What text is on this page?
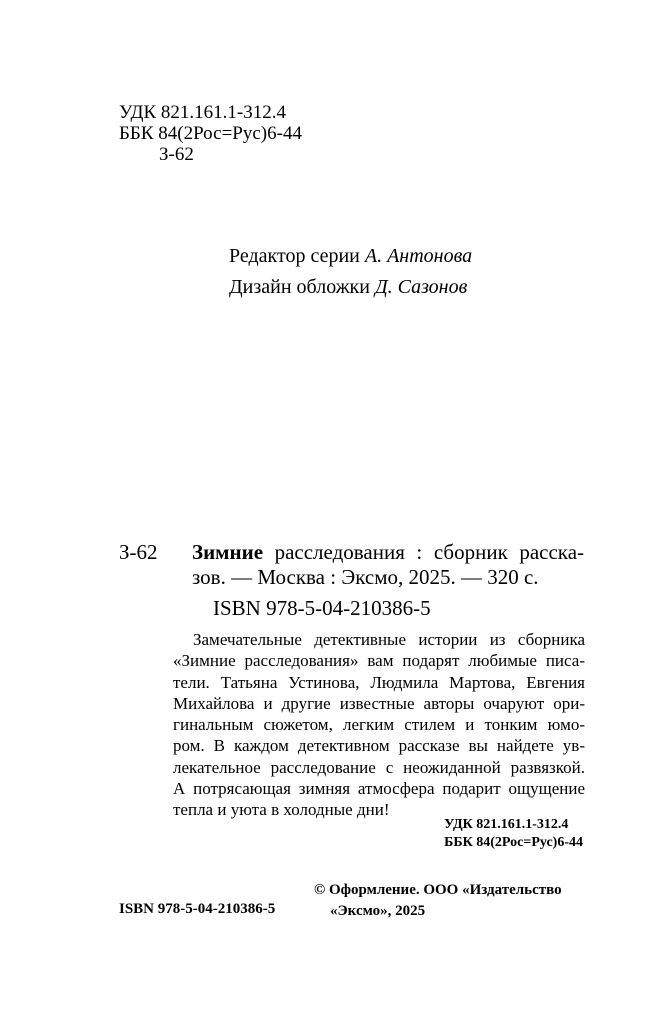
УДК 821.161.1-312.4
ББК 84(2Рос=Рус)6-44
З-62
Редактор серии А. Антонова
Дизайн обложки Д. Сазонов
З-62 Зимние расследования : сборник расска-
зов. — Москва : Эксмо, 2025. — 320 с.
ISBN 978-5-04-210386-5
Замечательные детективные истории из сборника
«Зимние расследования» вам подарят любимые писа-
тели. Татьяна Устинова, Людмила Мартова, Евгения
Михайлова и другие известные авторы очаруют ори-
гинальным сюжетом, легким стилем и тонким юмо-
ром. В каждом детективном рассказе вы найдете ув-
лекательное расследование с неожиданной развязкой.
А потрясающая зимняя атмосфера подарит ощущение
тепла и уюта в холодные дни!
УДК 821.161.1-312.4
ББК 84(2Рос=Рус)6-44
© Оформление. ООО «Издательство
«Эксмо», 2025
ISBN 978-5-04-210386-5
